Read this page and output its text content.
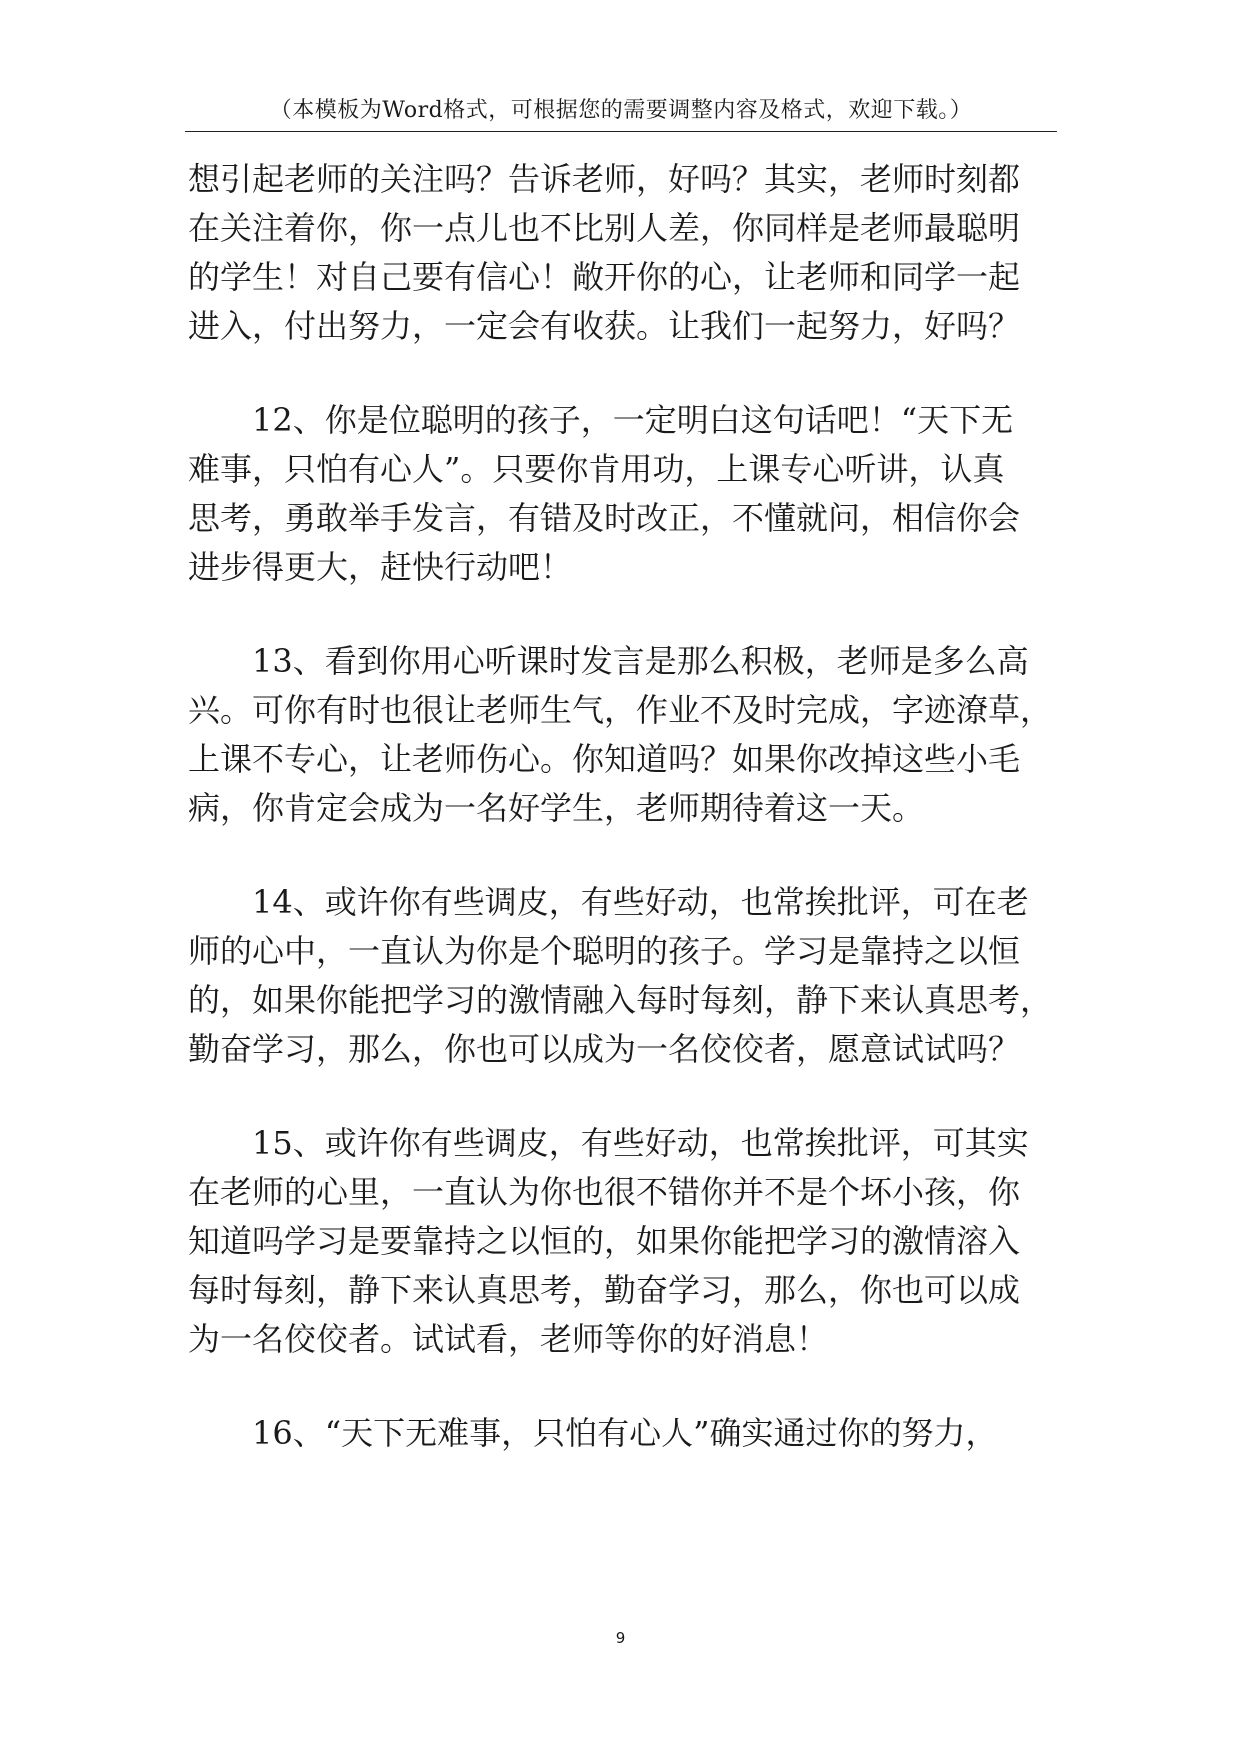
（本模板为Word格式，可根据您的需要调整内容及格式，欢迎下载。）
想引起老师的关注吗？告诉老师，好吗？其实，老师时刻都
在关注着你，你一点儿也不比别人差，你同样是老师最聪明
的学生！对自己要有信心！敞开你的心，让老师和同学一起
进入，付出努力，一定会有收获。让我们一起努力，好吗？
　　12、你是位聪明的孩子，一定明白这句话吧！“天下无
难事，只怕有心人”。只要你肯用功，上课专心听讲，认真
思考，勇敢举手发言，有错及时改正，不懂就问，相信你会
进步得更大，赶快行动吧！
　　13、看到你用心听课时发言是那么积极，老师是多么高
兴。可你有时也很让老师生气，作业不及时完成，字迹潦草，
上课不专心，让老师伤心。你知道吗？如果你改掉这些小毛
病，你肯定会成为一名好学生，老师期待着这一天。
　　14、或许你有些调皮，有些好动，也常挨批评，可在老
师的心中，一直认为你是个聪明的孩子。学习是靠持之以恒
的，如果你能把学习的激情融入每时每刻，静下来认真思考，
勤奋学习，那么，你也可以成为一名佼佼者，愿意试试吗？
　　15、或许你有些调皮，有些好动，也常挨批评，可其实
在老师的心里，一直认为你也很不错你并不是个坏小孩，你
知道吗学习是要靠持之以恒的，如果你能把学习的激情溶入
每时每刻，静下来认真思考，勤奋学习，那么，你也可以成
为一名佼佼者。试试看，老师等你的好消息！
　　16、“天下无难事，只怕有心人”确实通过你的努力，
9
